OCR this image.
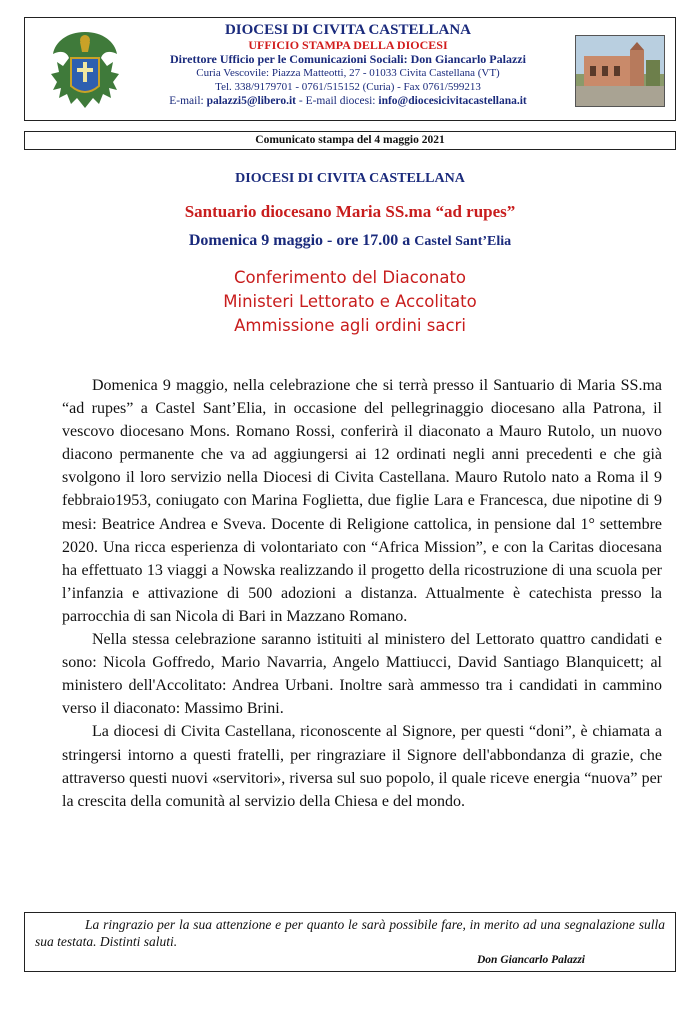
DIOCESI DI CIVITA CASTELLANA
UFFICIO STAMPA DELLA DIOCESI
Direttore Ufficio per le Comunicazioni Sociali: Don Giancarlo Palazzi
Curia Vescovile: Piazza Matteotti, 27 - 01033 Civita Castellana (VT)
Tel. 338/9179701 - 0761/515152 (Curia) - Fax 0761/599213
E-mail: palazzi5@libero.it - E-mail diocesi: info@diocesicivitacastellana.it
Comunicato stampa del 4 maggio 2021
DIOCESI DI CIVITA CASTELLANA
Santuario diocesano Maria SS.ma “ad rupes”
Domenica 9 maggio - ore 17.00 a Castel Sant’Elia
Conferimento del Diaconato
Ministeri Lettorato e Accolitato
Ammissione agli ordini sacri

Domenica 9 maggio, nella celebrazione che si terrà presso il Santuario di Maria SS.ma “ad rupes” a Castel Sant’Elia, in occasione del pellegrinaggio diocesano alla Patrona, il vescovo diocesano Mons. Romano Rossi, conferirà il diaconato a Mauro Rutolo, un nuovo diacono permanente che va ad aggiungersi ai 12 ordinati negli anni precedenti e che già svolgono il loro servizio nella Diocesi di Civita Castellana. Mauro Rutolo nato a Roma il 9 febbraio1953, coniugato con Marina Foglietta, due figlie Lara e Francesca, due nipotine di 9 mesi: Beatrice Andrea e Sveva. Docente di Religione cattolica, in pensione dal 1° settembre 2020. Una ricca esperienza di volontariato con “Africa Mission”, e con la Caritas diocesana ha effettuato 13 viaggi a Nowska realizzando il progetto della ricostruzione di una scuola per l’infanzia e attivazione di 500 adozioni a distanza. Attualmente è catechista presso la parrocchia di san Nicola di Bari in Mazzano Romano.

Nella stessa celebrazione saranno istituiti al ministero del Lettorato quattro candidati e sono: Nicola Goffredo, Mario Navarria, Angelo Mattiucci, David Santiago Blanquicett; al ministero dell'Accolitato: Andrea Urbani. Inoltre sarà ammesso tra i candidati in cammino verso il diaconato: Massimo Brini.

La diocesi di Civita Castellana, riconoscente al Signore, per questi “doni”, è chiamata a stringersi intorno a questi fratelli, per ringraziare il Signore dell'abbondanza di grazie, che attraverso questi nuovi «servitori», riversa sul suo popolo, il quale riceve energia “nuova” per la crescita della comunità al servizio della Chiesa e del mondo.

La ringrazio per la sua attenzione e per quanto le sarà possibile fare, in merito ad una segnalazione sulla sua testata. Distinti saluti.

Don Giancarlo Palazzi
